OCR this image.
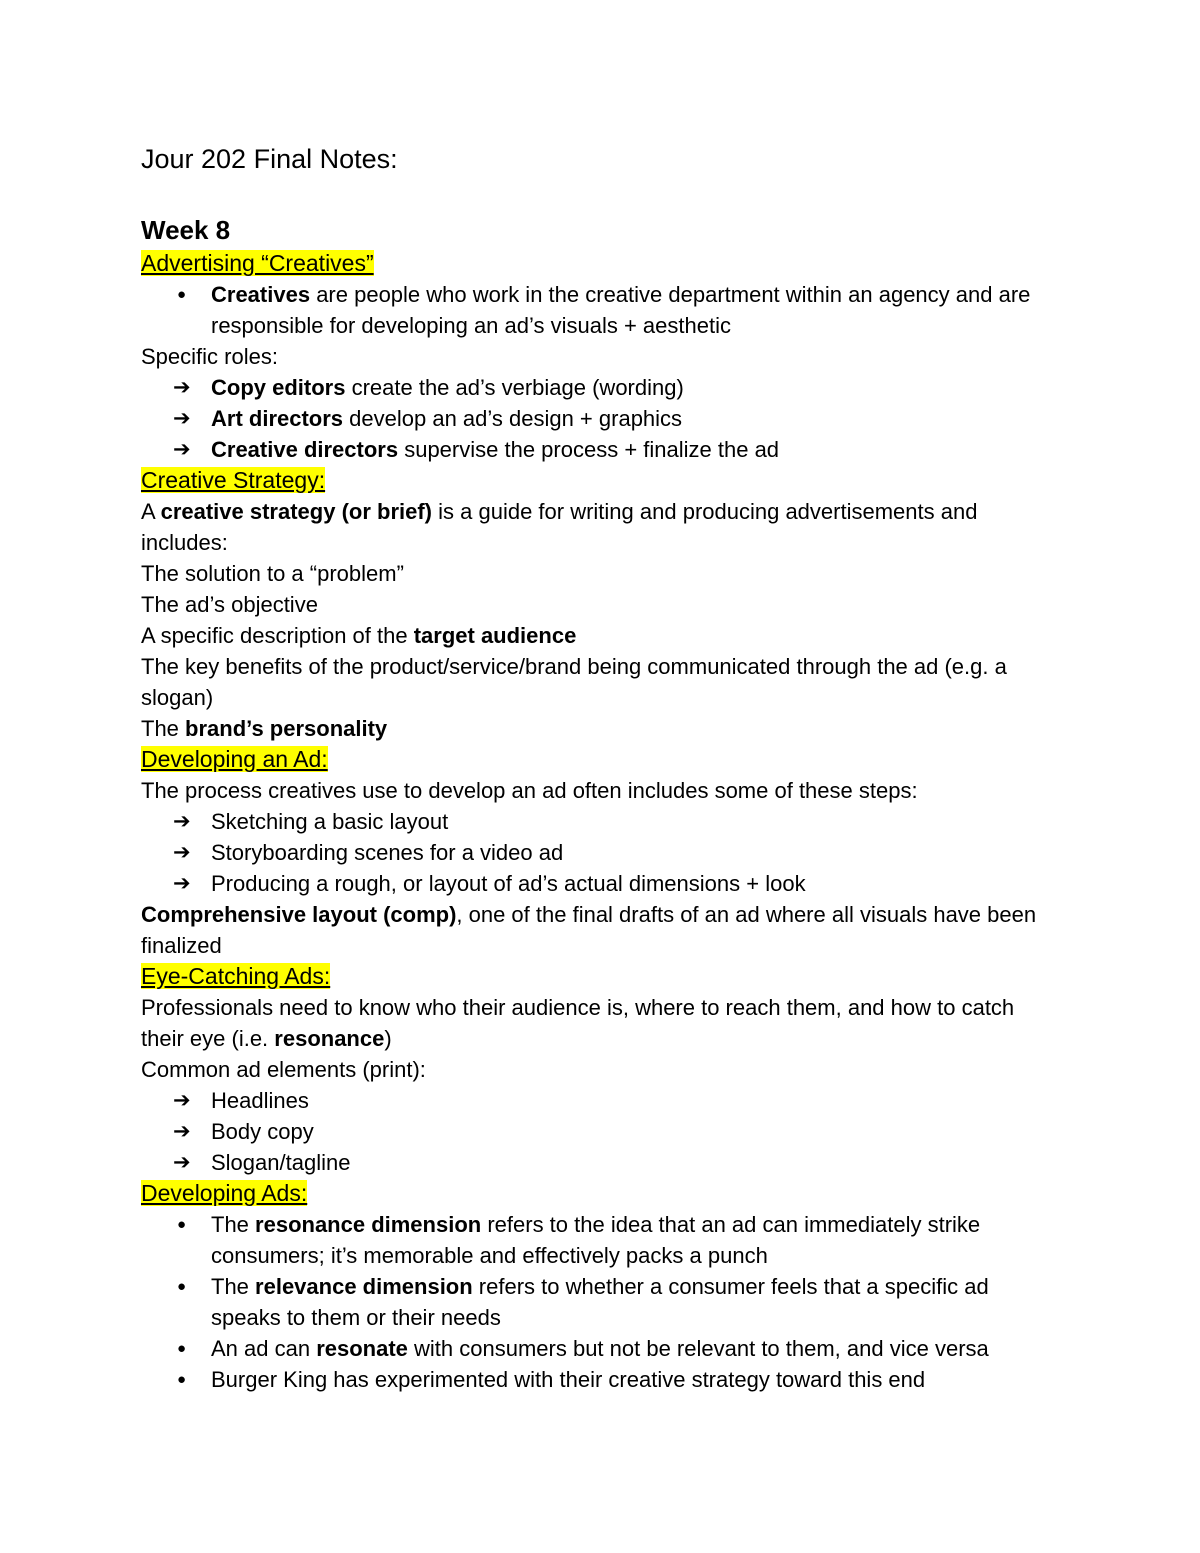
Jour 202 Final Notes:
Week 8
Advertising “Creatives”
●	Creatives are people who work in the creative department within an agency and are responsible for developing an ad’s visuals + aesthetic
Specific roles:
➔ Copy editors create the ad’s verbiage (wording)
➔ Art directors develop an ad’s design + graphics
➔ Creative directors supervise the process + finalize the ad
Creative Strategy:
A creative strategy (or brief) is a guide for writing and producing advertisements and includes:
The solution to a “problem”
The ad’s objective
A specific description of the target audience
The key benefits of the product/service/brand being communicated through the ad (e.g. a slogan)
The brand’s personality
Developing an Ad:
The process creatives use to develop an ad often includes some of these steps:
➔ Sketching a basic layout
➔ Storyboarding scenes for a video ad
➔ Producing a rough, or layout of ad’s actual dimensions + look
Comprehensive layout (comp), one of the final drafts of an ad where all visuals have been finalized
Eye-Catching Ads:
Professionals need to know who their audience is, where to reach them, and how to catch their eye (i.e. resonance)
Common ad elements (print):
➔ Headlines
➔ Body copy
➔ Slogan/tagline
Developing Ads:
●	The resonance dimension refers to the idea that an ad can immediately strike consumers; it’s memorable and effectively packs a punch
●	The relevance dimension refers to whether a consumer feels that a specific ad speaks to them or their needs
●	An ad can resonate with consumers but not be relevant to them, and vice versa
●	Burger King has experimented with their creative strategy toward this end
